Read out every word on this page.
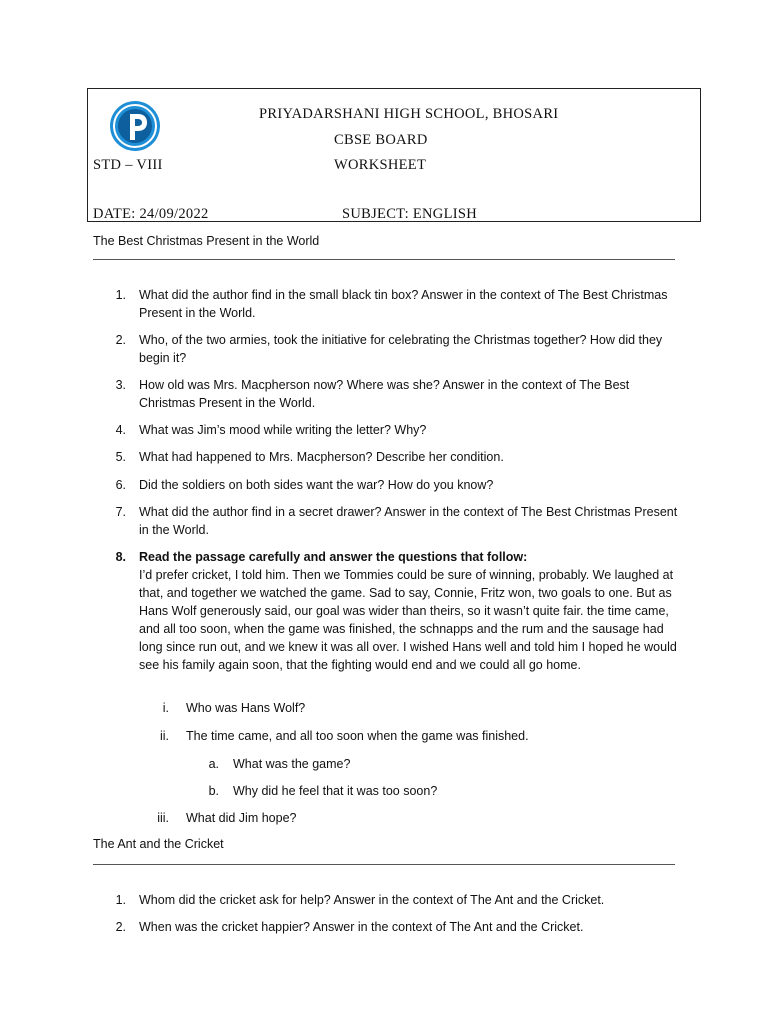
PRIYADARSHANI HIGH SCHOOL, BHOSARI
CBSE BOARD
STD – VIII	WORKSHEET
DATE: 24/09/2022	SUBJECT: ENGLISH
The Best Christmas Present in the World
1. What did the author find in the small black tin box? Answer in the context of The Best Christmas Present in the World.
2. Who, of the two armies, took the initiative for celebrating the Christmas together? How did they begin it?
3. How old was Mrs. Macpherson now? Where was she? Answer in the context of The Best Christmas Present in the World.
4. What was Jim’s mood while writing the letter? Why?
5. What had happened to Mrs. Macpherson? Describe her condition.
6. Did the soldiers on both sides want the war? How do you know?
7. What did the author find in a secret drawer? Answer in the context of The Best Christmas Present in the World.
8. Read the passage carefully and answer the questions that follow:
I’d prefer cricket, I told him. Then we Tommies could be sure of winning, probably. We laughed at that, and together we watched the game. Sad to say, Connie, Fritz won, two goals to one. But as Hans Wolf generously said, our goal was wider than theirs, so it wasn’t quite fair. the time came, and all too soon, when the game was finished, the schnapps and the rum and the sausage had long since run out, and we knew it was all over. I wished Hans well and told him I hoped he would see his family again soon, that the fighting would end and we could all go home.
i. Who was Hans Wolf?
ii. The time came, and all too soon when the game was finished.
a. What was the game?
b. Why did he feel that it was too soon?
iii. What did Jim hope?
The Ant and the Cricket
1. Whom did the cricket ask for help? Answer in the context of The Ant and the Cricket.
2. When was the cricket happier? Answer in the context of The Ant and the Cricket.
